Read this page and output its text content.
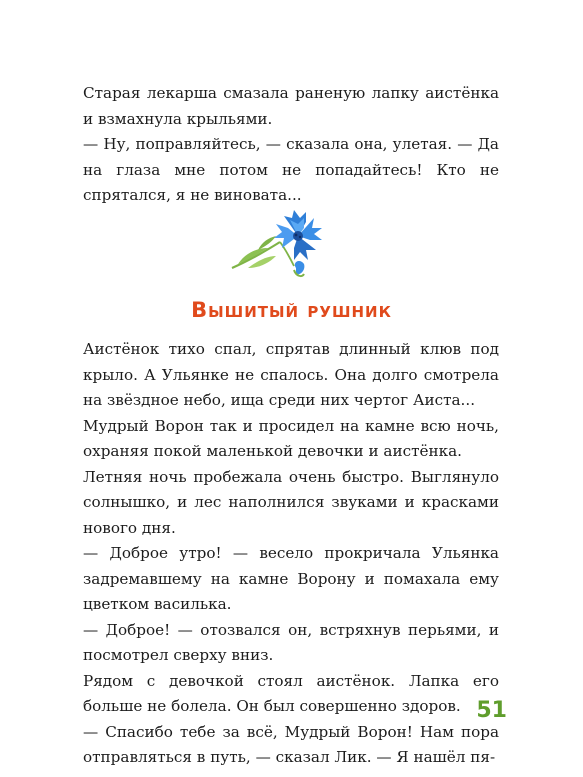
Старая лекарша смазала раненую лапку аистёнка и взмахнула крыльями.

— Ну, поправляйтесь, — сказала она, улетая. — Да на глаза мне потом не попадайтесь! Кто не спрятался, я не виновата...

Вышитый рушник

Аистёнок тихо спал, спрятав длинный клюв под крыло. А Ульянке не спалось. Она долго смотрела на звёздное небо, ища среди них чертог Аиста...

Мудрый Ворон так и просидел на камне всю ночь, охраняя покой маленькой девочки и аистёнка.

Летняя ночь пробежала очень быстро. Выглянуло солнышко, и лес наполнился звуками и красками нового дня.

— Доброе утро! — весело прокричала Ульянка задремавшему на камне Ворону и помахала ему цветком василька.

— Доброе! — отозвался он, встряхнув перьями, и посмотрел сверху вниз.

Рядом с девочкой стоял аистёнок. Лапка его больше не болела. Он был совершенно здоров.

— Спасибо тебе за всё, Мудрый Ворон! Нам пора отправляться в путь, — сказал Лик. — Я нашёл пя-

51
